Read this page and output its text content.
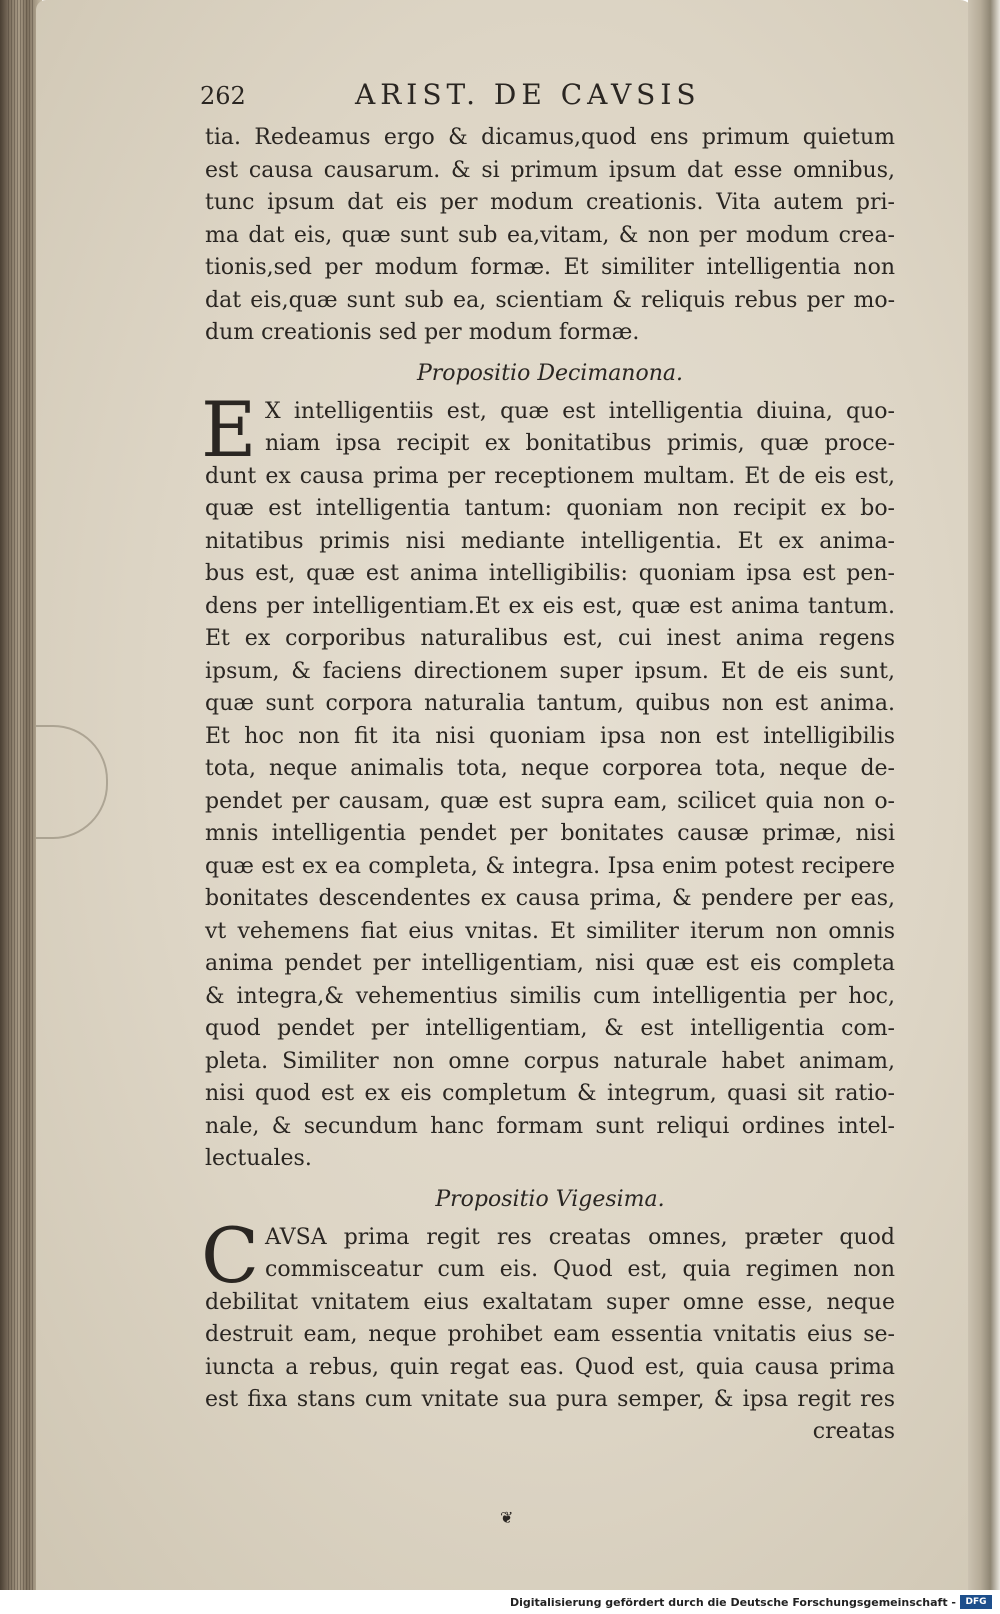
262	ARIST. DE CAVSIS
tia. Redeamus ergo & dicamus,quod ens primum quietum
est causa causarum. & si primum ipsum dat esse omnibus,
tunc ipsum dat eis per modum creationis. Vita autem pri-
ma dat eis, quæ sunt sub ea,vitam, & non per modum crea-
tionis,sed per modum formæ. Et similiter intelligentia non
dat eis,quæ sunt sub ea, scientiam & reliquis rebus per mo-
dum creationis sed per modum formæ.
Propositio Decimanona.
E X intelligentiis est, quæ est intelligentia diuina, quo-
niam ipsa recipit ex bonitatibus primis, quæ proce-
dunt ex causa prima per receptionem multam. Et de eis est,
quæ est intelligentia tantum: quoniam non recipit ex bo-
nitatibus primis nisi mediante intelligentia. Et ex anima-
bus est, quæ est anima intelligibilis: quoniam ipsa est pen-
dens per intelligentiam.Et ex eis est, quæ est anima tantum.
Et ex corporibus naturalibus est, cui inest anima regens
ipsum, & faciens directionem super ipsum. Et de eis sunt,
quæ sunt corpora naturalia tantum, quibus non est anima.
Et hoc non fit ita nisi quoniam ipsa non est intelligibilis
tota, neque animalis tota, neque corporea tota, neque de-
pendet per causam, quæ est supra eam, scilicet quia non o-
mnis intelligentia pendet per bonitates causæ primæ, nisi
quæ est ex ea completa, & integra. Ipsa enim potest recipere
bonitates descendentes ex causa prima, & pendere per eas,
vt vehemens fiat eius vnitas. Et similiter iterum non omnis
anima pendet per intelligentiam, nisi quæ est eis completa
& integra,& vehementius similis cum intelligentia per hoc,
quod pendet per intelligentiam, & est intelligentia com-
pleta. Similiter non omne corpus naturale habet animam,
nisi quod est ex eis completum & integrum, quasi sit ratio-
nale, & secundum hanc formam sunt reliqui ordines intel-
lectuales.
Propositio Vigesima.
C AVSA prima regit res creatas omnes, præter quod
commisceatur cum eis. Quod est, quia regimen non
debilitat vnitatem eius exaltatam super omne esse, neque
destruit eam, neque prohibet eam essentia vnitatis eius se-
iuncta a rebus, quin regat eas. Quod est, quia causa prima
est fixa stans cum vnitate sua pura semper, & ipsa regit res
creatas
❦
Digitalisierung gefördert durch die Deutsche Forschungsgemeinschaft -	DFG
